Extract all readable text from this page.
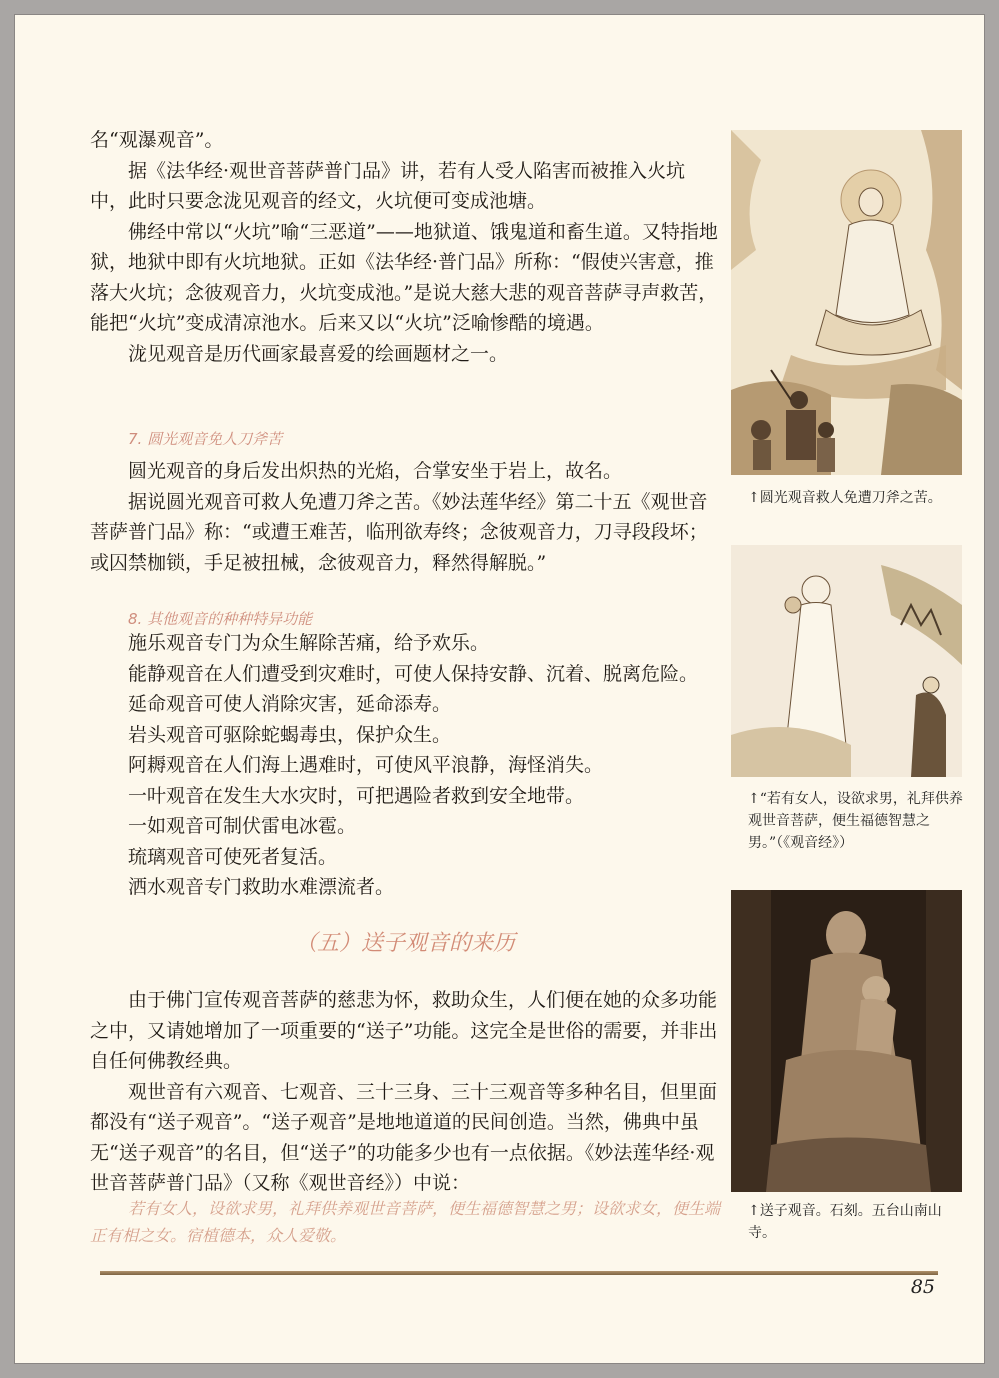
名“观瀑观音”。

据《法华经·观世音菩萨普门品》讲，若有人受人陷害而被推入火坑中，此时只要念泷见观音的经文，火坑便可变成池塘。

佛经中常以“火坑”喻“三恶道”——地狱道、饿鬼道和畜生道。又特指地狱，地狱中即有火坑地狱。正如《法华经·普门品》所称：“假使兴害意，推落大火坑；念彼观音力，火坑变成池。”是说大慈大悲的观音菩萨寻声救苦，能把“火坑”变成清凉池水。后来又以“火坑”泛喻惨酷的境遇。

泷见观音是历代画家最喜爱的绘画题材之一。

7. 圆光观音免人刀斧苦

圆光观音的身后发出炽热的光焰，合掌安坐于岩上，故名。

据说圆光观音可救人免遭刀斧之苦。《妙法莲华经》第二十五《观世音菩萨普门品》称：“或遭王难苦，临刑欲寿终；念彼观音力，刀寻段段坏；或囚禁枷锁，手足被扭械，念彼观音力，释然得解脱。”

8. 其他观音的种种特异功能

施乐观音专门为众生解除苦痛，给予欢乐。

能静观音在人们遭受到灾难时，可使人保持安静、沉着、脱离危险。

延命观音可使人消除灾害，延命添寿。

岩头观音可驱除蛇蝎毒虫，保护众生。

阿耨观音在人们海上遇难时，可使风平浪静，海怪消失。

一叶观音在发生大水灾时，可把遇险者救到安全地带。

一如观音可制伏雷电冰雹。

琉璃观音可使死者复活。

洒水观音专门救助水难漂流者。

（五）送子观音的来历

由于佛门宣传观音菩萨的慈悲为怀，救助众生，人们便在她的众多功能之中，又请她增加了一项重要的“送子”功能。这完全是世俗的需要，并非出自任何佛教经典。

观世音有六观音、七观音、三十三身、三十三观音等多种名目，但里面都没有“送子观音”。“送子观音”是地地道道的民间创造。当然，佛典中虽无“送子观音”的名目，但“送子”的功能多少也有一点依据。《妙法莲华经·观世音菩萨普门品》（又称《观世音经》）中说：

若有女人，设欲求男，礼拜供养观世音菩萨，便生福德智慧之男；设欲求女，便生端正有相之女。宿植德本，众人爱敬。

↑圆光观音救人免遭刀斧之苦。
↑“若有女人，设欲求男，礼拜供养观世音菩萨，便生福德智慧之男。”（《观音经》）
↑送子观音。石刻。五台山南山寺。
85
